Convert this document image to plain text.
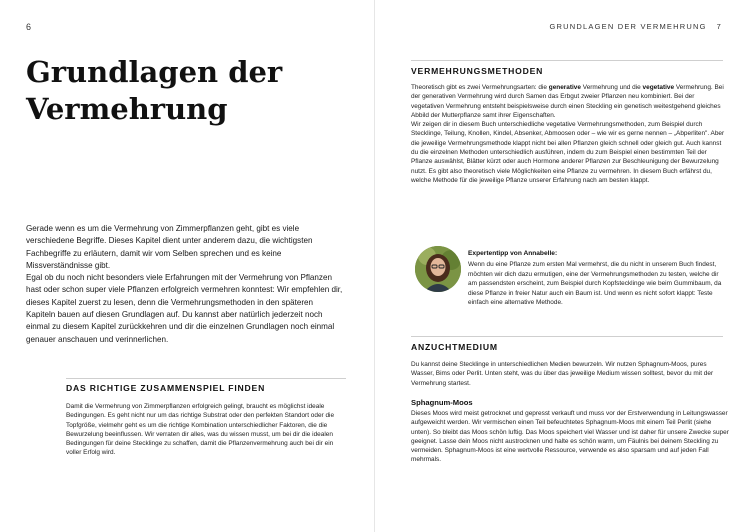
6
Grundlagen der
Vermehrung

Gerade wenn es um die Vermehrung von Zimmerpflanzen geht, gibt es viele verschiedene Begriffe. Dieses Kapitel dient unter anderem dazu, die wichtigsten Fachbegriffe zu erläutern, damit wir vom Selben sprechen und es keine Missverständnisse gibt.

Egal ob du noch nicht besonders viele Erfahrungen mit der Vermehrung von Pflanzen hast oder schon super viele Pflanzen erfolgreich vermehren konntest: Wir empfehlen dir, dieses Kapitel zuerst zu lesen, denn die Vermehrungsmethoden in den späteren Kapiteln bauen auf diesen Grundlagen auf. Du kannst aber natürlich jederzeit noch einmal zu diesem Kapitel zurückkehren und dir die einzelnen Grundlagen noch einmal genauer anschauen und verinnerlichen.

DAS RICHTIGE ZUSAMMENSPIEL FINDEN

Damit die Vermehrung von Zimmerpflanzen erfolgreich gelingt, braucht es möglichst ideale Bedingungen. Es geht nicht nur um das richtige Substrat oder den perfekten Standort oder die Topfgröße, vielmehr geht es um die richtige Kombination unterschiedlicher Faktoren, die die Bewurzelung beeinflussen. Wir verraten dir alles, was du wissen musst, um bei dir die idealen Bedingungen für deine Stecklinge zu schaffen, damit die Pflanzenvermehrung auch bei dir ein voller Erfolg wird.

GRUNDLAGEN DER VERMEHRUNG 7
VERMEHRUNGSMETHODEN

Theoretisch gibt es zwei Vermehrungsarten: die generative Vermehrung und die vegetative Vermehrung. Bei der generativen Vermehrung wird durch Samen das Erbgut zweier Pflanzen neu kombiniert. Bei der vegetativen Vermehrung entsteht beispielsweise durch einen Steckling ein genetisch weitestgehend gleiches Abbild der Mutterpflanze samt ihrer Eigenschaften.

Wir zeigen dir in diesem Buch unterschiedliche vegetative Vermehrungsmethoden, zum Beispiel durch Stecklinge, Teilung, Knollen, Kindel, Absenker, Abmoosen oder – wie wir es gerne nennen – „Abperliten". Aber die jeweilige Vermehrungsmethode klappt nicht bei allen Pflanzen gleich schnell oder gleich gut. Auch kannst du die einzelnen Methoden unterschiedlich ausführen, indem du zum Beispiel einen bestimmten Teil der Pflanze auswählst, Blätter kürzt oder auch Hormone anderer Pflanzen zur Beschleunigung der Bewurzelung nutzt. Es gibt also theoretisch viele Möglichkeiten eine Pflanze zu vermehren. In diesem Buch erfährst du, welche Methode für die jeweilige Pflanze unserer Erfahrung nach am besten klappt.

Expertentipp von Annabelle:

Wenn du eine Pflanze zum ersten Mal vermehrst, die du nicht in unserem Buch findest, möchten wir dich dazu ermutigen, eine der Vermehrungsmethoden zu testen, welche dir am passendsten erscheint, zum Beispiel durch Kopfstecklinge wie beim Gummibaum, da diese Pflanze in freier Natur auch ein Baum ist. Und wenn es nicht sofort klappt: Teste einfach eine alternative Methode.

ANZUCHTMEDIUM

Du kannst deine Stecklinge in unterschiedlichen Medien bewurzeln. Wir nutzen Sphagnum-Moos, pures Wasser, Bims oder Perlit. Unten steht, was du über das jeweilige Medium wissen solltest, bevor du mit der Vermehrung startest.

Sphagnum-Moos

Dieses Moos wird meist getrocknet und gepresst verkauft und muss vor der Erstverwendung in Leitungswasser aufgeweicht werden. Wir vermischen einen Teil befeuchtetes Sphagnum-Moos mit einem Teil Perlit (siehe unten). So bleibt das Moos schön luftig. Das Moos speichert viel Wasser und ist daher für unsere Zwecke super geeignet. Lasse dein Moos nicht austrocknen und halte es schön warm, um Fäulnis bei deinem Steckling zu vermeiden. Sphagnum-Moos ist eine wertvolle Ressource, verwende es also sparsam und auf jeden Fall mehrmals.
